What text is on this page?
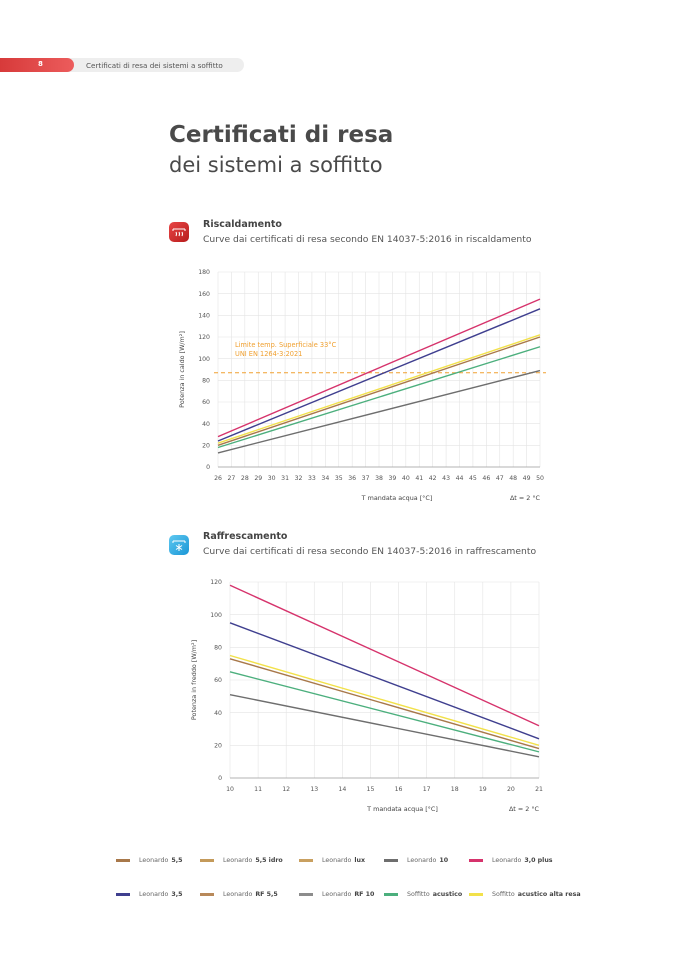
8	Certificati di resa dei sistemi a soffitto
Certificati di resa
dei sistemi a soffitto
Riscaldamento
Curve dai certificati di resa secondo EN 14037-5:2016 in riscaldamento
0
20
40
60
80
100
120
140
160
180
26 27 28 29 30 31 32 33 34 35 36 37 38 39 40 41 42 43 44 45 46 47 48 49 50
Limite temp. Superficiale 33°C
UNI EN 1264-3:2021
Potenza in caldo [W/m²]
T mandata acqua [°C]	Δt = 2 °C
Raffrescamento
Curve dai certificati di resa secondo EN 14037-5:2016 in raffrescamento
0
20
40
60
80
100
120
10	11	12	13	14	15	16	17	18	19	20	21
Potenza in freddo [W/m²]
T mandata acqua [°C]	Δt = 2 °C
Leonardo 5,5	Leonardo 5,5 idro	Leonardo lux	Leonardo 10	Leonardo 3,0 plus
Leonardo 3,5	Leonardo RF 5,5	Leonardo RF 10	Soffitto acustico	Soffitto acustico alta resa
